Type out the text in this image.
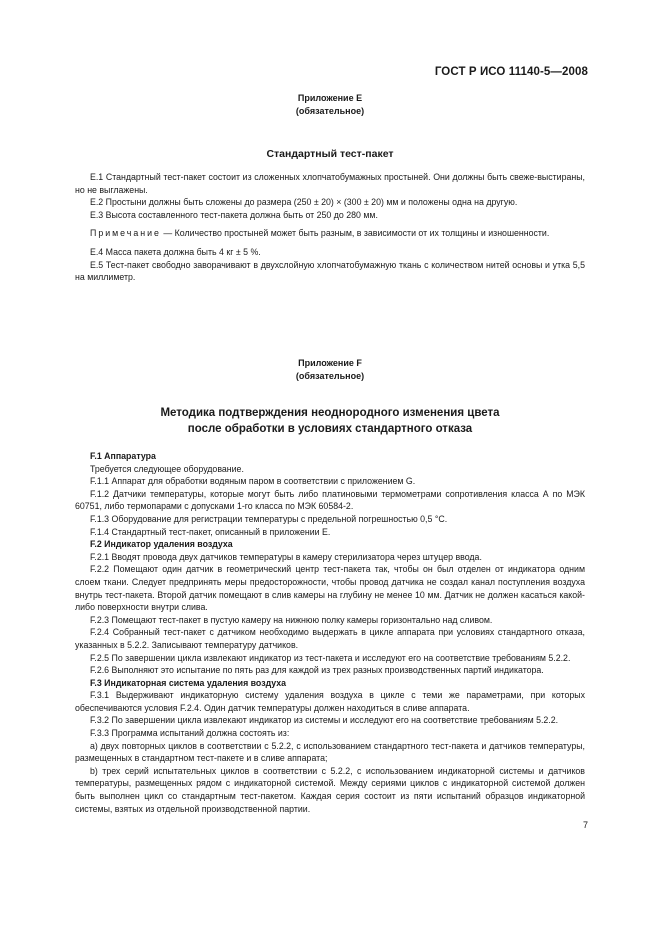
ГОСТ Р ИСО 11140-5—2008
Приложение Е
(обязательное)
Стандартный тест-пакет

Е.1 Стандартный тест-пакет состоит из сложенных хлопчатобумажных простыней. Они должны быть свеже-выстираны, но не выглажены.

Е.2 Простыни должны быть сложены до размера (250 ± 20) × (300 ± 20) мм и положены одна на другую.

Е.3 Высота составленного тест-пакета должна быть от 250 до 280 мм.

Примечание — Количество простыней может быть разным, в зависимости от их толщины и изношенности.

Е.4 Масса пакета должна быть 4 кг ± 5 %.

Е.5 Тест-пакет свободно заворачивают в двухслойную хлопчатобумажную ткань с количеством нитей основы и утка 5,5 на миллиметр.

Приложение F
(обязательное)
Методика подтверждения неоднородного изменения цвета
после обработки в условиях стандартного отказа

F.1 Аппаратура

Требуется следующее оборудование.

F.1.1 Аппарат для обработки водяным паром в соответствии с приложением G.

F.1.2 Датчики температуры, которые могут быть либо платиновыми термометрами сопротивления класса А по МЭК 60751, либо термопарами с допусками 1-го класса по МЭК 60584-2.

F.1.3 Оборудование для регистрации температуры с предельной погрешностью 0,5 °С.

F.1.4 Стандартный тест-пакет, описанный в приложении Е.

F.2 Индикатор удаления воздуха

F.2.1 Вводят провода двух датчиков температуры в камеру стерилизатора через штуцер ввода.

F.2.2 Помещают один датчик в геометрический центр тест-пакета так, чтобы он был отделен от индикатора одним слоем ткани. Следует предпринять меры предосторожности, чтобы провод датчика не создал канал поступления воздуха внутрь тест-пакета. Второй датчик помещают в слив камеры на глубину не менее 10 мм. Датчик не должен касаться какой-либо поверхности внутри слива.

F.2.3 Помещают тест-пакет в пустую камеру на нижнюю полку камеры горизонтально над сливом.

F.2.4 Собранный тест-пакет с датчиком необходимо выдержать в цикле аппарата при условиях стандартного отказа, указанных в 5.2.2. Записывают температуру датчиков.

F.2.5 По завершении цикла извлекают индикатор из тест-пакета и исследуют его на соответствие требованиям 5.2.2.

F.2.6 Выполняют это испытание по пять раз для каждой из трех разных производственных партий индикатора.

F.3 Индикаторная система удаления воздуха

F.3.1 Выдерживают индикаторную систему удаления воздуха в цикле с теми же параметрами, при которых обеспечиваются условия F.2.4. Один датчик температуры должен находиться в сливе аппарата.

F.3.2 По завершении цикла извлекают индикатор из системы и исследуют его на соответствие требованиям 5.2.2.

F.3.3 Программа испытаний должна состоять из:

а) двух повторных циклов в соответствии с 5.2.2, с использованием стандартного тест-пакета и датчиков температуры, размещенных в стандартном тест-пакете и в сливе аппарата;

b) трех серий испытательных циклов в соответствии с 5.2.2, с использованием индикаторной системы и датчиков температуры, размещенных рядом с индикаторной системой. Между сериями циклов с индикаторной системой должен быть выполнен цикл со стандартным тест-пакетом. Каждая серия состоит из пяти испытаний образцов индикаторной системы, взятых из отдельной производственной партии.

7
